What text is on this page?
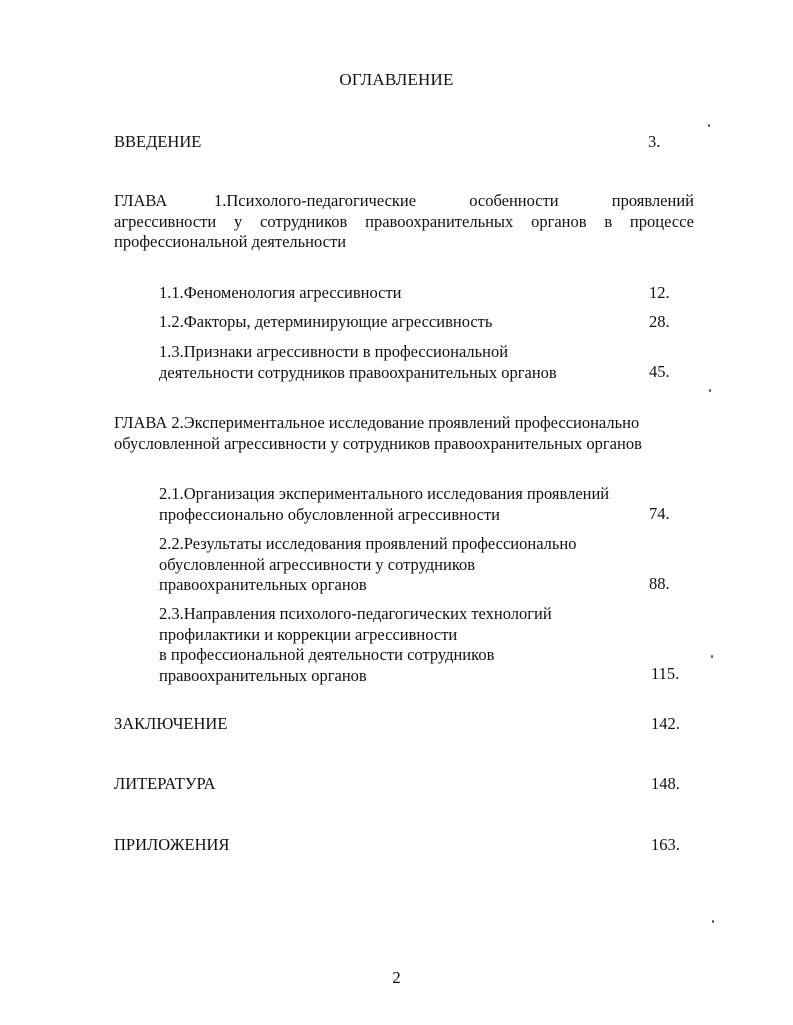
ОГЛАВЛЕНИЕ
ВВЕДЕНИЕ	3.
ГЛАВА	1.Психолого-педагогические особенности проявлений
агрессивности у сотрудников правоохранительных органов в процессе
профессиональной деятельности
1.1.Феноменология агрессивности	12.
1.2.Факторы, детерминирующие агрессивность	28.
1.3.Признаки агрессивности в профессиональной
деятельности сотрудников правоохранительных органов	45.
ГЛАВА 2.Экспериментальное исследование проявлений профессионально
обусловленной агрессивности у сотрудников правоохранительных органов
2.1.Организация экспериментального исследования проявлений
профессионально обусловленной агрессивности	74.
2.2.Результаты исследования проявлений профессионально
обусловленной агрессивности у сотрудников
правоохранительных органов	88.
2.3.Направления психолого-педагогических технологий
профилактики и коррекции агрессивности
в профессиональной деятельности сотрудников
правоохранительных органов	115.
ЗАКЛЮЧЕНИЕ	142.
ЛИТЕРАТУРА	148.
ПРИЛОЖЕНИЯ	163.
2
